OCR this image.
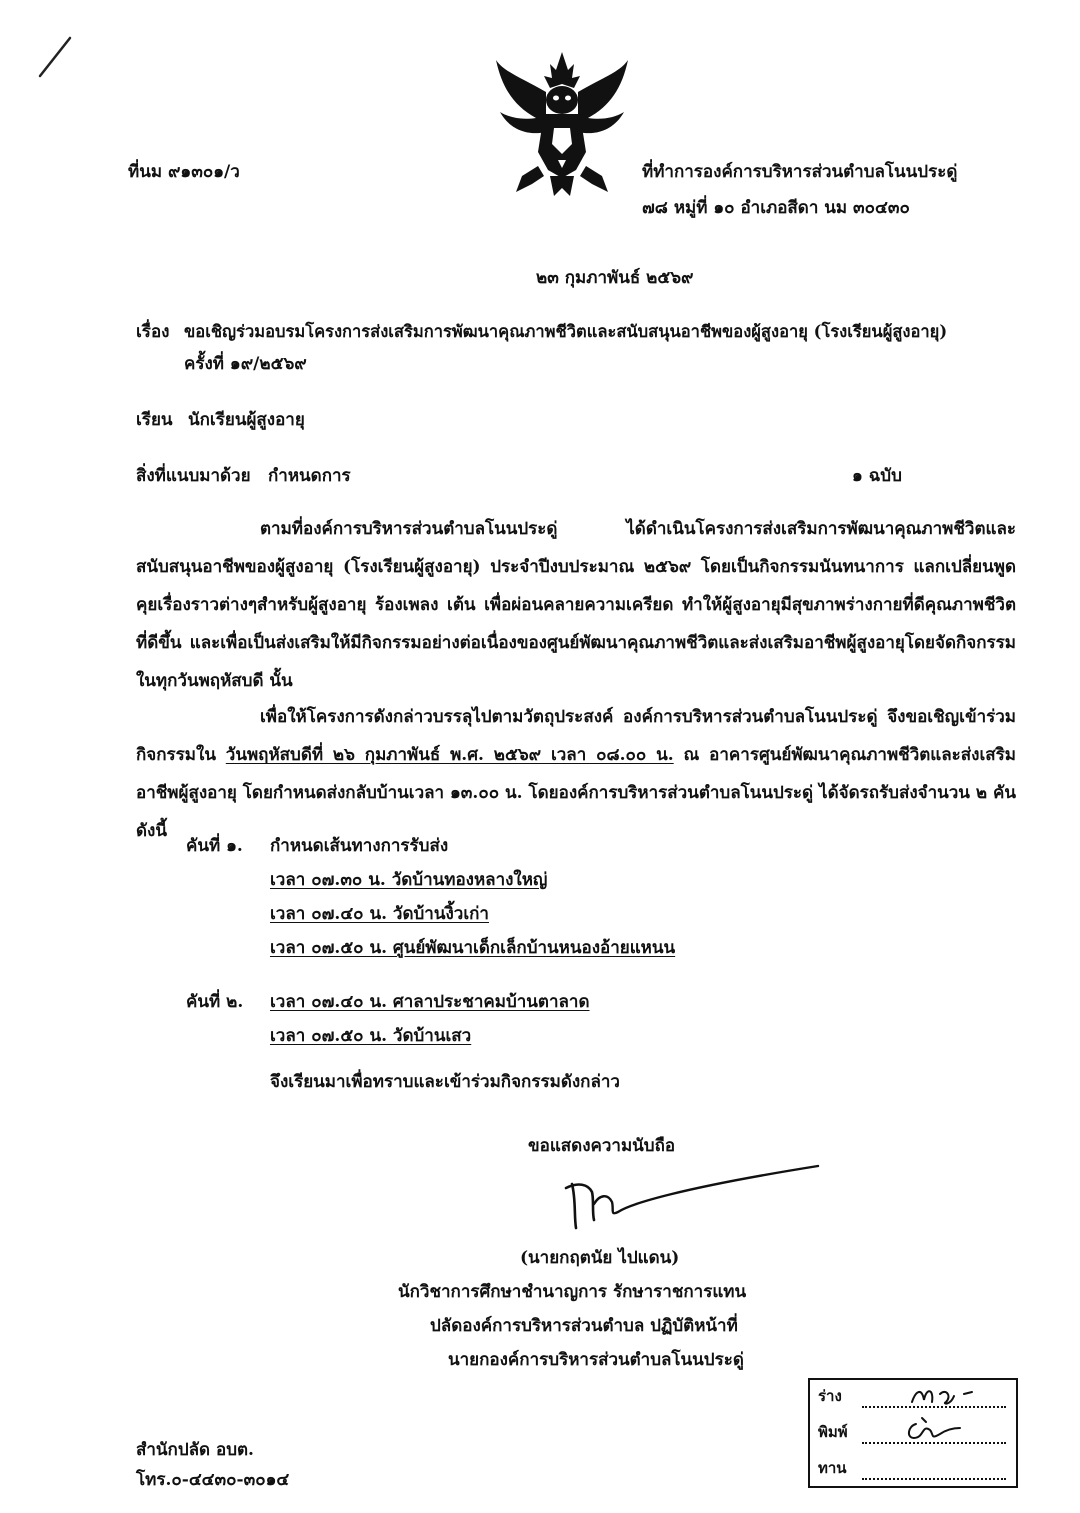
ที่นม ๙๑๓๐๑/ว	ที่ทำการองค์การบริหารส่วนตำบลโนนประดู่
๗๘ หมู่ที่ ๑๐ อำเภอสีดา นม ๓๐๔๓๐
๒๓ กุมภาพันธ์ ๒๕๖๙
เรื่อง ขอเชิญร่วมอบรมโครงการส่งเสริมการพัฒนาคุณภาพชีวิตและสนับสนุนอาชีพของผู้สูงอายุ (โรงเรียนผู้สูงอายุ)
ครั้งที่ ๑๙/๒๕๖๙
เรียน นักเรียนผู้สูงอายุ
สิ่งที่แนบมาด้วย กำหนดการ	๑ ฉบับ
ตามที่องค์การบริหารส่วนตำบลโนนประดู่ ได้ดำเนินโครงการส่งเสริมการพัฒนาคุณภาพชีวิตและสนับสนุนอาชีพของผู้สูงอายุ (โรงเรียนผู้สูงอายุ) ประจำปีงบประมาณ ๒๕๖๙ โดยเป็นกิจกรรมนันทนาการ แลกเปลี่ยนพูดคุยเรื่องราวต่างๆสำหรับผู้สูงอายุ ร้องเพลง เต้น เพื่อผ่อนคลายความเครียด ทำให้ผู้สูงอายุมีสุขภาพร่างกายที่ดีคุณภาพชีวิตที่ดีขึ้น และเพื่อเป็นส่งเสริมให้มีกิจกรรมอย่างต่อเนื่องของศูนย์พัฒนาคุณภาพชีวิตและส่งเสริมอาชีพผู้สูงอายุโดยจัดกิจกรรมในทุกวันพฤหัสบดี นั้น
เพื่อให้โครงการดังกล่าวบรรลุไปตามวัตถุประสงค์ องค์การบริหารส่วนตำบลโนนประดู่ จึงขอเชิญเข้าร่วมกิจกรรมใน วันพฤหัสบดีที่ ๒๖ กุมภาพันธ์ พ.ศ. ๒๕๖๙ เวลา ๐๘.๐๐ น. ณ อาคารศูนย์พัฒนาคุณภาพชีวิตและส่งเสริมอาชีพผู้สูงอายุ โดยกำหนดส่งกลับบ้านเวลา ๑๓.๐๐ น. โดยองค์การบริหารส่วนตำบลโนนประดู่ ได้จัดรถรับส่งจำนวน ๒ คันดังนี้
คันที่ ๑. กำหนดเส้นทางการรับส่ง
เวลา ๐๗.๓๐ น. วัดบ้านทองหลางใหญ่
เวลา ๐๗.๔๐ น. วัดบ้านงิ้วเก่า
เวลา ๐๗.๕๐ น. ศูนย์พัฒนาเด็กเล็กบ้านหนองอ้ายแหนน
คันที่ ๒. เวลา ๐๗.๔๐ น. ศาลาประชาคมบ้านตาลาด
เวลา ๐๗.๕๐ น. วัดบ้านเสว
จึงเรียนมาเพื่อทราบและเข้าร่วมกิจกรรมดังกล่าว
ขอแสดงความนับถือ
(นายกฤตนัย ไปแดน)
นักวิชาการศึกษาชำนาญการ รักษาราชการแทน
ปลัดองค์การบริหารส่วนตำบล ปฏิบัติหน้าที่
นายกองค์การบริหารส่วนตำบลโนนประดู่
สำนักปลัด อบต.
โทร.๐-๔๔๓๐-๓๐๑๔
ร่าง
พิมพ์
ทาน
